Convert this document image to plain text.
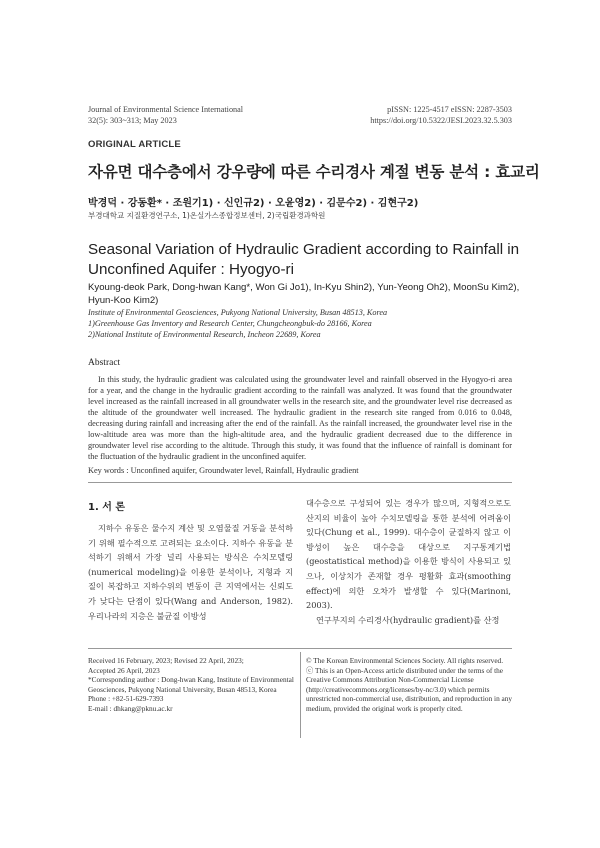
Journal of Environmental Science International
32(5): 303~313; May 2023
pISSN: 1225-4517 eISSN: 2287-3503
https://doi.org/10.5322/JESI.2023.32.5.303
ORIGINAL ARTICLE
자유면 대수층에서 강우량에 따른 수리경사 계절 변동 분석 : 효교리
박경덕 · 강동환* · 조원기1) · 신인규2) · 오윤영2) · 김문수2) · 김현구2)
부경대학교 지질환경연구소, 1)온실가스종합정보센터, 2)국립환경과학원
Seasonal Variation of Hydraulic Gradient according to Rainfall in Unconfined Aquifer : Hyogyo-ri
Kyoung-deok Park, Dong-hwan Kang*, Won Gi Jo1), In-Kyu Shin2), Yun-Yeong Oh2), MoonSu Kim2), Hyun-Koo Kim2)
Institute of Environmental Geosciences, Pukyong National University, Busan 48513, Korea
1)Greenhouse Gas Inventory and Research Center, Chungcheongbuk-do 28166, Korea
2)National Institute of Environmental Research, Incheon 22689, Korea
Abstract
In this study, the hydraulic gradient was calculated using the groundwater level and rainfall observed in the Hyogyo-ri area for a year, and the change in the hydraulic gradient according to the rainfall was analyzed. It was found that the groundwater level increased as the rainfall increased in all groundwater wells in the research site, and the groundwater level rise decreased as the altitude of the groundwater well increased. The hydraulic gradient in the research site ranged from 0.016 to 0.048, decreasing during rainfall and increasing after the end of the rainfall. As the rainfall increased, the groundwater level rise in the low-altitude area was more than the high-altitude area, and the hydraulic gradient decreased due to the difference in groundwater level rise according to the altitude. Through this study, it was found that the influence of rainfall is dominant for the fluctuation of the hydraulic gradient in the unconfined aquifer.
Key words : Unconfined aquifer, Groundwater level, Rainfall, Hydraulic gradient
1. 서 론
지하수 유동은 물수지 계산 및 오염물질 거동을 분석하기 위해 필수적으로 고려되는 요소이다. 지하수 유동을 분석하기 위해서 가장 널리 사용되는 방식은 수치모델링(numerical modeling)을 이용한 분석이나, 지형과 지질이 복잡하고 지하수위의 변동이 큰 지역에서는 신뢰도가 낮다는 단점이 있다(Wang and Anderson, 1982). 우리나라의 지층은 불균질 이방성

대수층으로 구성되어 있는 경우가 많으며, 지형적으로도 산지의 비율이 높아 수치모델링을 통한 분석에 어려움이 있다(Chung et al., 1999). 대수층이 균질하지 않고 이방성이 높은 대수층을 대상으로 지구통계기법(geostatistical method)을 이용한 방식이 사용되고 있으나, 이상치가 존재할 경우 평활화 효과(smoothing effect)에 의한 오차가 발생할 수 있다(Marinoni, 2003).

연구부지의 수리경사(hydraulic gradient)를 산정

Received 16 February, 2023; Revised 22 April, 2023;
Accepted 26 April, 2023
*Corresponding author : Dong-hwan Kang, Institute of Environmental Geosciences, Pukyong National University, Busan 48513, Korea
Phone : +82-51-629-7393
E-mail : dhkang@pknu.ac.kr
© The Korean Environmental Sciences Society. All rights reserved.
ⓒ This is an Open-Access article distributed under the terms of the Creative Commons Attribution Non-Commercial License (http://creativecommons.org/licenses/by-nc/3.0) which permits unrestricted non-commercial use, distribution, and reproduction in any medium, provided the original work is properly cited.
